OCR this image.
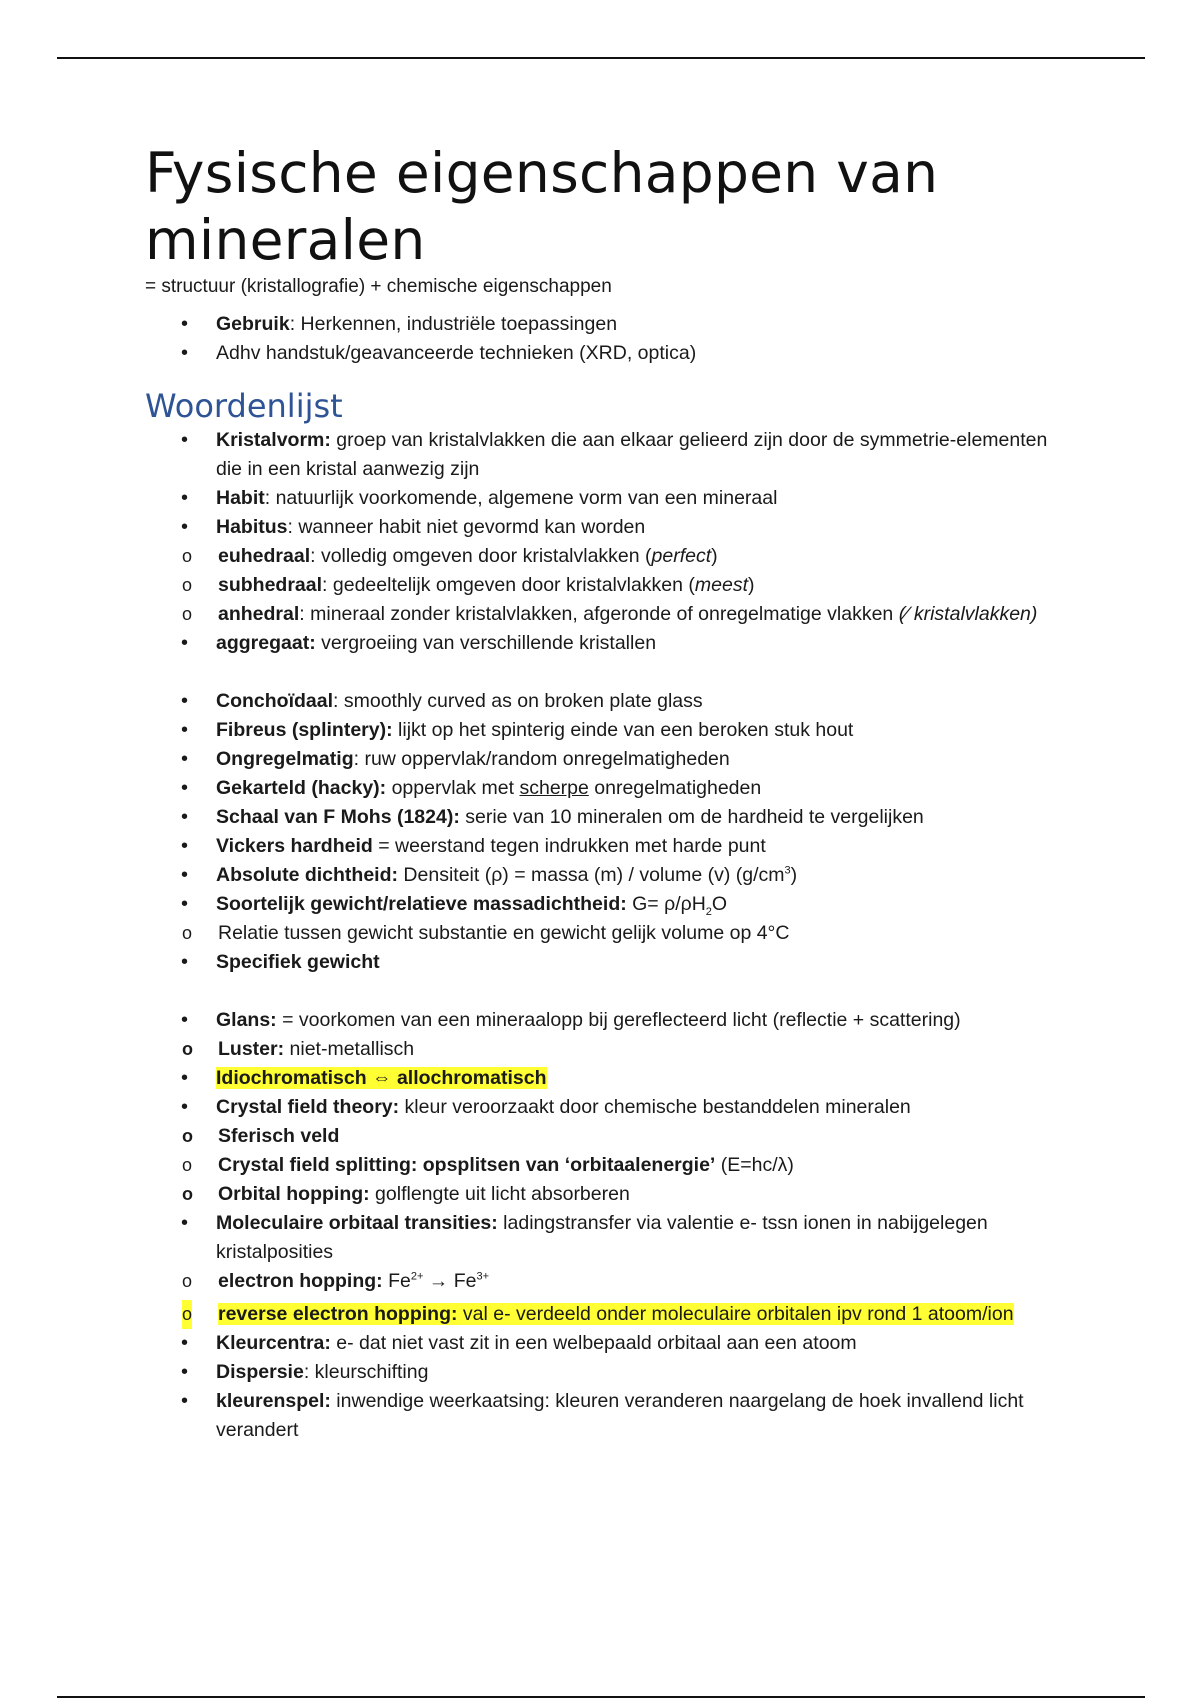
Fysische eigenschappen van mineralen
= structuur (kristallografie) + chemische eigenschappen
• Gebruik: Herkennen, industriële toepassingen
• Adhv handstuk/geavanceerde technieken (XRD, optica)
Woordenlijst
• Kristalvorm: groep van kristalvlakken die aan elkaar gelieerd zijn door de symmetrie-elementen die in een kristal aanwezig zijn
• Habit: natuurlijk voorkomende, algemene vorm van een mineraal
• Habitus: wanneer habit niet gevormd kan worden
o euhedraal: volledig omgeven door kristalvlakken (perfect)
o subhedraal: gedeeltelijk omgeven door kristalvlakken (meest)
o anhedral: mineraal zonder kristalvlakken, afgeronde of onregelmatige vlakken (∕ kristalvlakken)
• aggregaat: vergroeiing van verschillende kristallen
• Conchoïdaal: smoothly curved as on broken plate glass
• Fibreus (splintery): lijkt op het spinterig einde van een beroken stuk hout
• Ongregelmatig: ruw oppervlak/random onregelmatigheden
• Gekarteld (hacky): oppervlak met scherpe onregelmatigheden
• Schaal van F Mohs (1824): serie van 10 mineralen om de hardheid te vergelijken
• Vickers hardheid = weerstand tegen indrukken met harde punt
• Absolute dichtheid: Densiteit (ρ) = massa (m) / volume (v) $(g/cm^3)$
• Soortelijk gewicht/relatieve massadichtheid: $G= \rho/\rho H_2O$
o Relatie tussen gewicht substantie en gewicht gelijk volume op 4°C
• Specifiek gewicht
• Glans: = voorkomen van een mineraalopp bij gereflecteerd licht (reflectie + scattering)
o Luster: niet-metallisch
• Idiochromatisch ⇔ allochromatisch
• Crystal field theory: kleur veroorzaakt door chemische bestanddelen mineralen
o Sferisch veld
o Crystal field splitting: opsplitsen van ‘orbitaalenergie’ (E=hc/λ)
o Orbital hopping: golflengte uit licht absorberen
• Moleculaire orbitaal transities: ladingstransfer via valentie e- tssn ionen in nabijgelegen kristalposities
o electron hopping: $Fe^{2+} \to Fe^{3+}$
o reverse electron hopping: val e- verdeeld onder moleculaire orbitalen ipv rond 1 atoom/ion
• Kleurcentra: e- dat niet vast zit in een welbepaald orbitaal aan een atoom
• Dispersie: kleurschifting
• kleurenspel: inwendige weerkaatsing: kleuren veranderen naargelang de hoek invallend licht verandert
